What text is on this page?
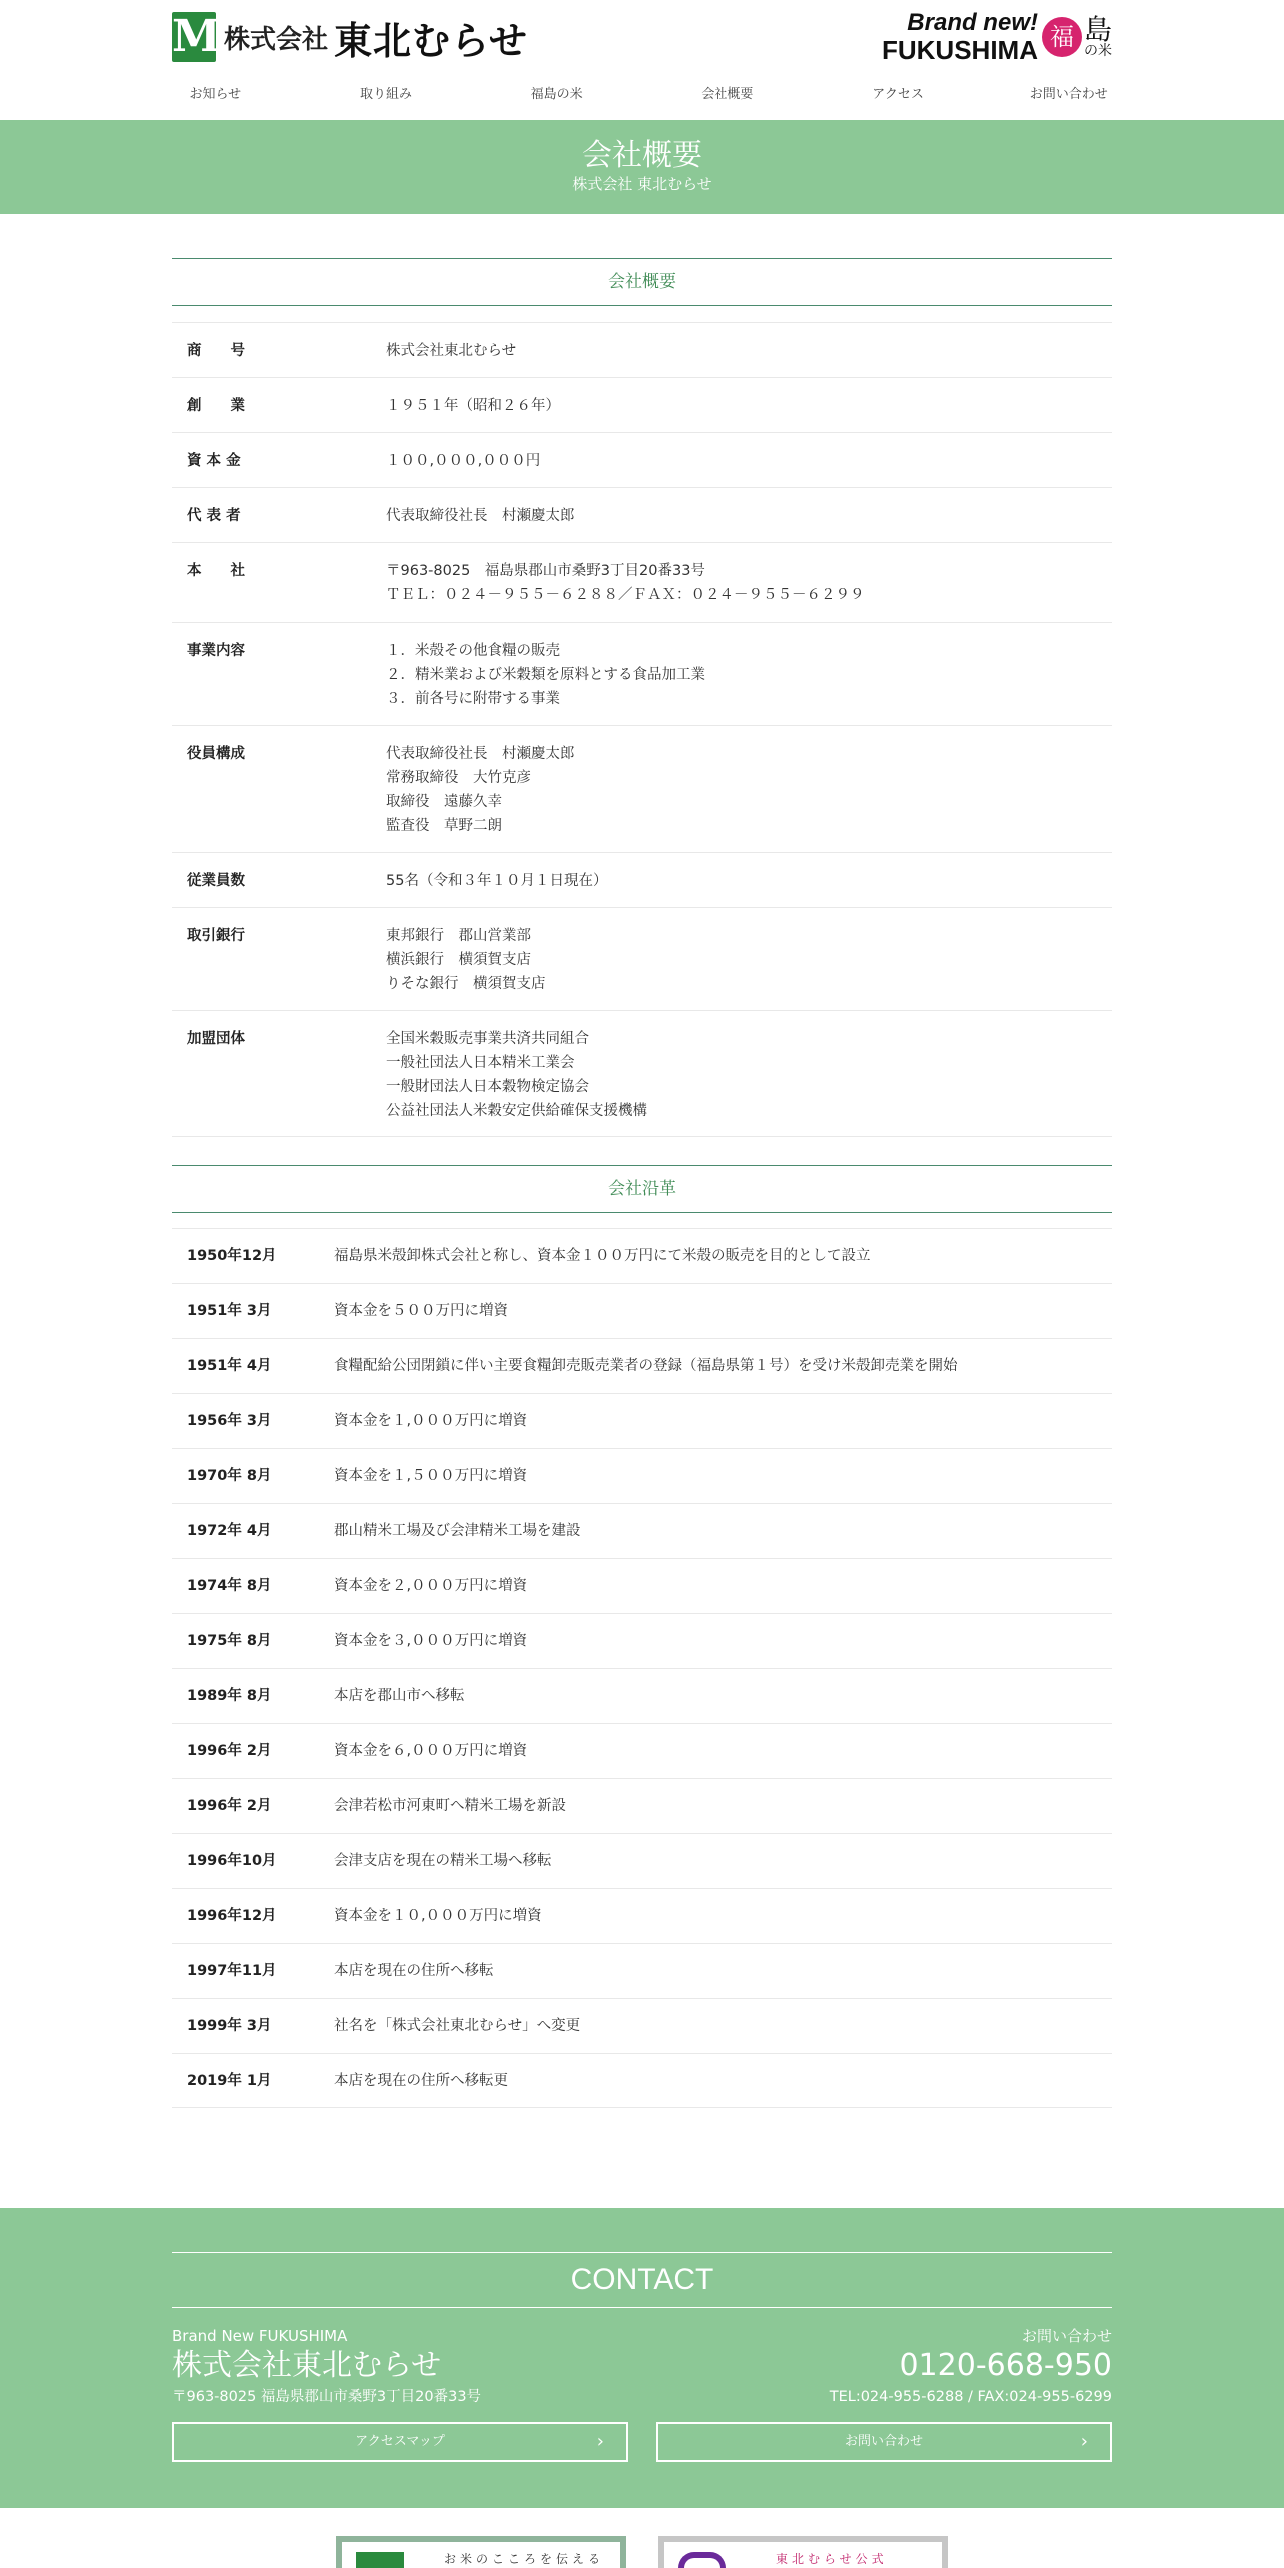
M 株式会社 東北むらせ	Brand new!
FUKUSHIMA 福 島
の米
お知らせ	取り組み	福島の米	会社概要	アクセス	お問い合わせ
会社概要
株式会社 東北むらせ
会社概要
商　　号	株式会社東北むらせ
創　　業	１９５１年（昭和２６年）
資 本 金	１００,０００,０００円
代 表 者	代表取締役社長　村瀬慶太郎
本　　社	〒963-8025　福島県郡山市桑野3丁目20番33号
ＴＥＬ：０２４－９５５－６２８８／ＦＡＸ：０２４－９５５－６２９９
事業内容	１．米殻その他食糧の販売
２．精米業および米穀類を原料とする食品加工業
３．前各号に附帯する事業
役員構成	代表取締役社長　村瀬慶太郎
常務取締役　大竹克彦
取締役　遠藤久幸
監査役　草野二朗
従業員数	55名（令和３年１０月１日現在）
取引銀行	東邦銀行　郡山営業部
横浜銀行　横須賀支店
りそな銀行　横須賀支店
加盟団体	全国米穀販売事業共済共同組合
一般社団法人日本精米工業会
一般財団法人日本穀物検定協会
公益社団法人米穀安定供給確保支援機構
会社沿革
1950年12月	福島県米殻卸株式会社と称し、資本金１００万円にて米殻の販売を目的として設立
1951年 3月	資本金を５００万円に増資
1951年 4月	食糧配給公団閉鎖に伴い主要食糧卸売販売業者の登録（福島県第１号）を受け米殻卸売業を開始
1956年 3月	資本金を１,０００万円に増資
1970年 8月	資本金を１,５００万円に増資
1972年 4月	郡山精米工場及び会津精米工場を建設
1974年 8月	資本金を２,０００万円に増資
1975年 8月	資本金を３,０００万円に増資
1989年 8月	本店を郡山市へ移転
1996年 2月	資本金を６,０００万円に増資
1996年 2月	会津若松市河東町へ精米工場を新設
1996年10月	会津支店を現在の精米工場へ移転
1996年12月	資本金を１０,０００万円に増資
1997年11月	本店を現在の住所へ移転
1999年 3月	社名を「株式会社東北むらせ」へ変更
2019年 1月	本店を現在の住所へ移転更
CONTACT
Brand New FUKUSHIMA
株式会社東北むらせ
〒963-8025 福島県郡山市桑野3丁目20番33号
お問い合わせ
0120-668-950
TEL:024-955-6288 / FAX:024-955-6299
アクセスマップ	›	お問い合わせ	›
お米のこころを伝える	東北むらせ公式
